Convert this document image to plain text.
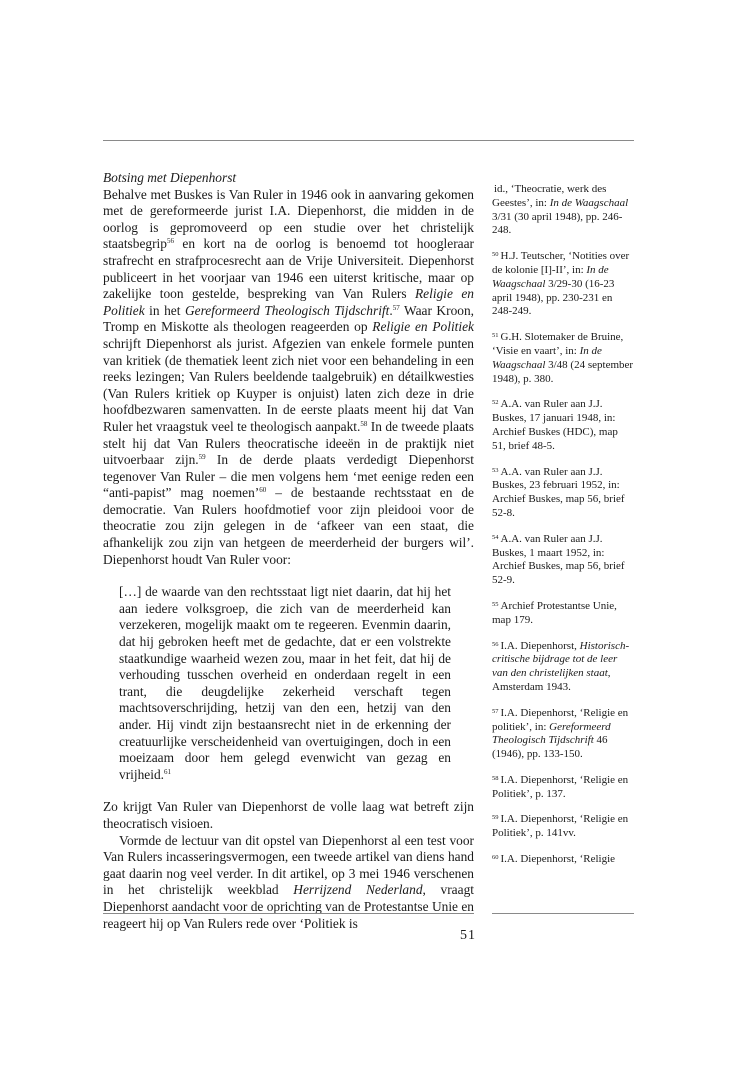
Botsing met Diepenhorst

Behalve met Buskes is Van Ruler in 1946 ook in aanvaring gekomen met de gereformeerde jurist I.A. Diepenhorst, die midden in de oorlog is gepromoveerd op een studie over het christelijk staatsbegrip$^{56}$ en kort na de oorlog is benoemd tot hoogleraar strafrecht en strafprocesrecht aan de Vrije Universiteit. Diepenhorst publiceert in het voorjaar van 1946 een uiterst kritische, maar op zakelijke toon gestelde, bespreking van Van Rulers Religie en Politiek in het Gereformeerd Theologisch Tijdschrift.$^{57}$ Waar Kroon, Tromp en Miskotte als theologen reageerden op Religie en Politiek schrijft Diepenhorst als jurist. Afgezien van enkele formele punten van kritiek (de thematiek leent zich niet voor een behandeling in een reeks lezingen; Van Rulers beeldende taalgebruik) en détailkwesties (Van Rulers kritiek op Kuyper is onjuist) laten zich deze in drie hoofdbezwaren samenvatten. In de eerste plaats meent hij dat Van Ruler het vraagstuk veel te theologisch aanpakt.$^{58}$ In de tweede plaats stelt hij dat Van Rulers theocratische ideeën in de praktijk niet uitvoerbaar zijn.$^{59}$ In de derde plaats verdedigt Diepenhorst tegenover Van Ruler – die men volgens hem ‘met eenige reden een “anti-papist” mag noemen’$^{60}$ – de bestaande rechtsstaat en de democratie. Van Rulers hoofdmotief voor zijn pleidooi voor de theocratie zou zijn gelegen in de ‘afkeer van een staat, die afhankelijk zou zijn van hetgeen de meerderheid der burgers wil’. Diepenhorst houdt Van Ruler voor:

[…] de waarde van den rechtsstaat ligt niet daarin, dat hij het aan iedere volksgroep, die zich van de meerderheid kan verzekeren, mogelijk maakt om te regeeren. Evenmin daarin, dat hij gebroken heeft met de gedachte, dat er een volstrekte staatkundige waarheid wezen zou, maar in het feit, dat hij de verhouding tusschen overheid en onderdaan regelt in een trant, die deugdelijke zekerheid verschaft tegen machtsoverschrijding, hetzij van den een, hetzij van den ander. Hij vindt zijn bestaansrecht niet in de erkenning der creatuurlijke verscheidenheid van overtuigingen, doch in een moeizaam door hem gelegd evenwicht van gezag en vrijheid.$^{61}$

Zo krijgt Van Ruler van Diepenhorst de volle laag wat betreft zijn theocratisch visioen.

Vormde de lectuur van dit opstel van Diepenhorst al een test voor Van Rulers incasseringsvermogen, een tweede artikel van diens hand gaat daarin nog veel verder. In dit artikel, op 3 mei 1946 verschenen in het christelijk weekblad Herrijzend Nederland, vraagt Diepenhorst aandacht voor de oprichting van de Protestantse Unie en reageert hij op Van Rulers rede over ‘Politiek is

id., ‘Theocratie, werk des Geestes’, in: In de Waagschaal 3/31 (30 april 1948), pp. 246-248.

$^{50}$ H.J. Teutscher, ‘Notities over de kolonie [I]-II’, in: In de Waagschaal 3/29-30 (16-23 april 1948), pp. 230-231 en 248-249.

$^{51}$ G.H. Slotemaker de Bruine, ‘Visie en vaart’, in: In de Waagschaal 3/48 (24 september 1948), p. 380.

$^{52}$ A.A. van Ruler aan J.J. Buskes, 17 januari 1948, in: Archief Buskes (HDC), map 51, brief 48-5.

$^{53}$ A.A. van Ruler aan J.J. Buskes, 23 februari 1952, in: Archief Buskes, map 56, brief 52-8.

$^{54}$ A.A. van Ruler aan J.J. Buskes, 1 maart 1952, in: Archief Buskes, map 56, brief 52-9.

$^{55}$ Archief Protestantse Unie, map 179.

$^{56}$ I.A. Diepenhorst, Historisch-critische bijdrage tot de leer van den christelijken staat, Amsterdam 1943.

$^{57}$ I.A. Diepenhorst, ‘Religie en politiek’, in: Gereformeerd Theologisch Tijdschrift 46 (1946), pp. 133-150.

$^{58}$ I.A. Diepenhorst, ‘Religie en Politiek’, p. 137.

$^{59}$ I.A. Diepenhorst, ‘Religie en Politiek’, p. 141vv.

$^{60}$ I.A. Diepenhorst, ‘Religie

51
